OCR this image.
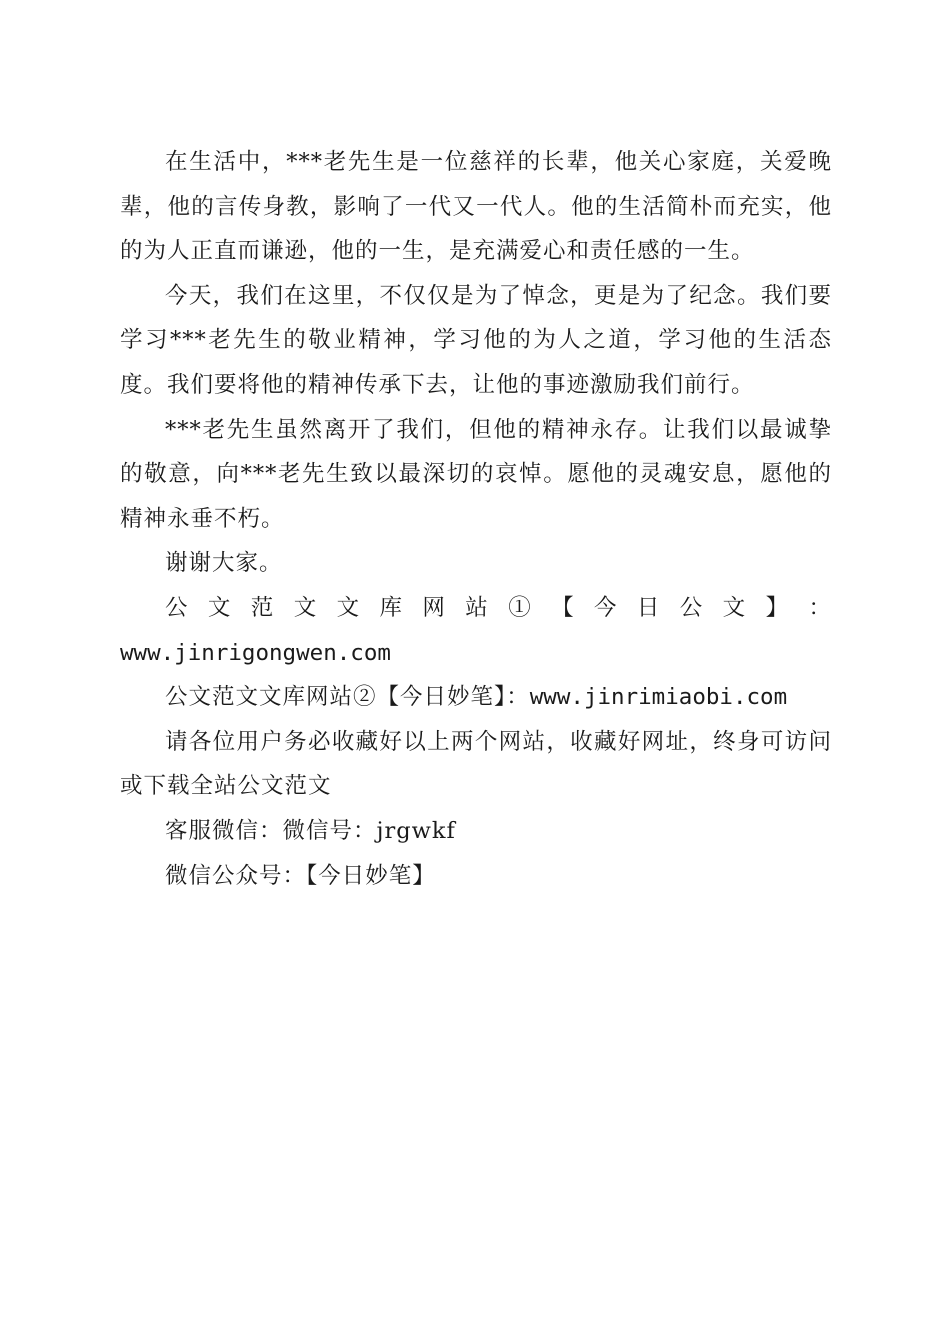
在生活中，***老先生是一位慈祥的长辈，他关心家庭，关爱晚辈，他的言传身教，影响了一代又一代人。他的生活简朴而充实，他的为人正直而谦逊，他的一生，是充满爱心和责任感的一生。

今天，我们在这里，不仅仅是为了悼念，更是为了纪念。我们要学习***老先生的敬业精神，学习他的为人之道，学习他的生活态度。我们要将他的精神传承下去，让他的事迹激励我们前行。

***老先生虽然离开了我们，但他的精神永存。让我们以最诚挚的敬意，向***老先生致以最深切的哀悼。愿他的灵魂安息，愿他的精神永垂不朽。

谢谢大家。

公 文 范 文 文 库 网 站 ① 【 今 日 公 文 】 ：

www.jinrigongwen.com

公文范文文库网站②【今日妙笔】：www.jinrimiaobi.com

请各位用户务必收藏好以上两个网站，收藏好网址，终身可访问或下载全站公文范文

客服微信：微信号：jrgwkf

微信公众号：【今日妙笔】
